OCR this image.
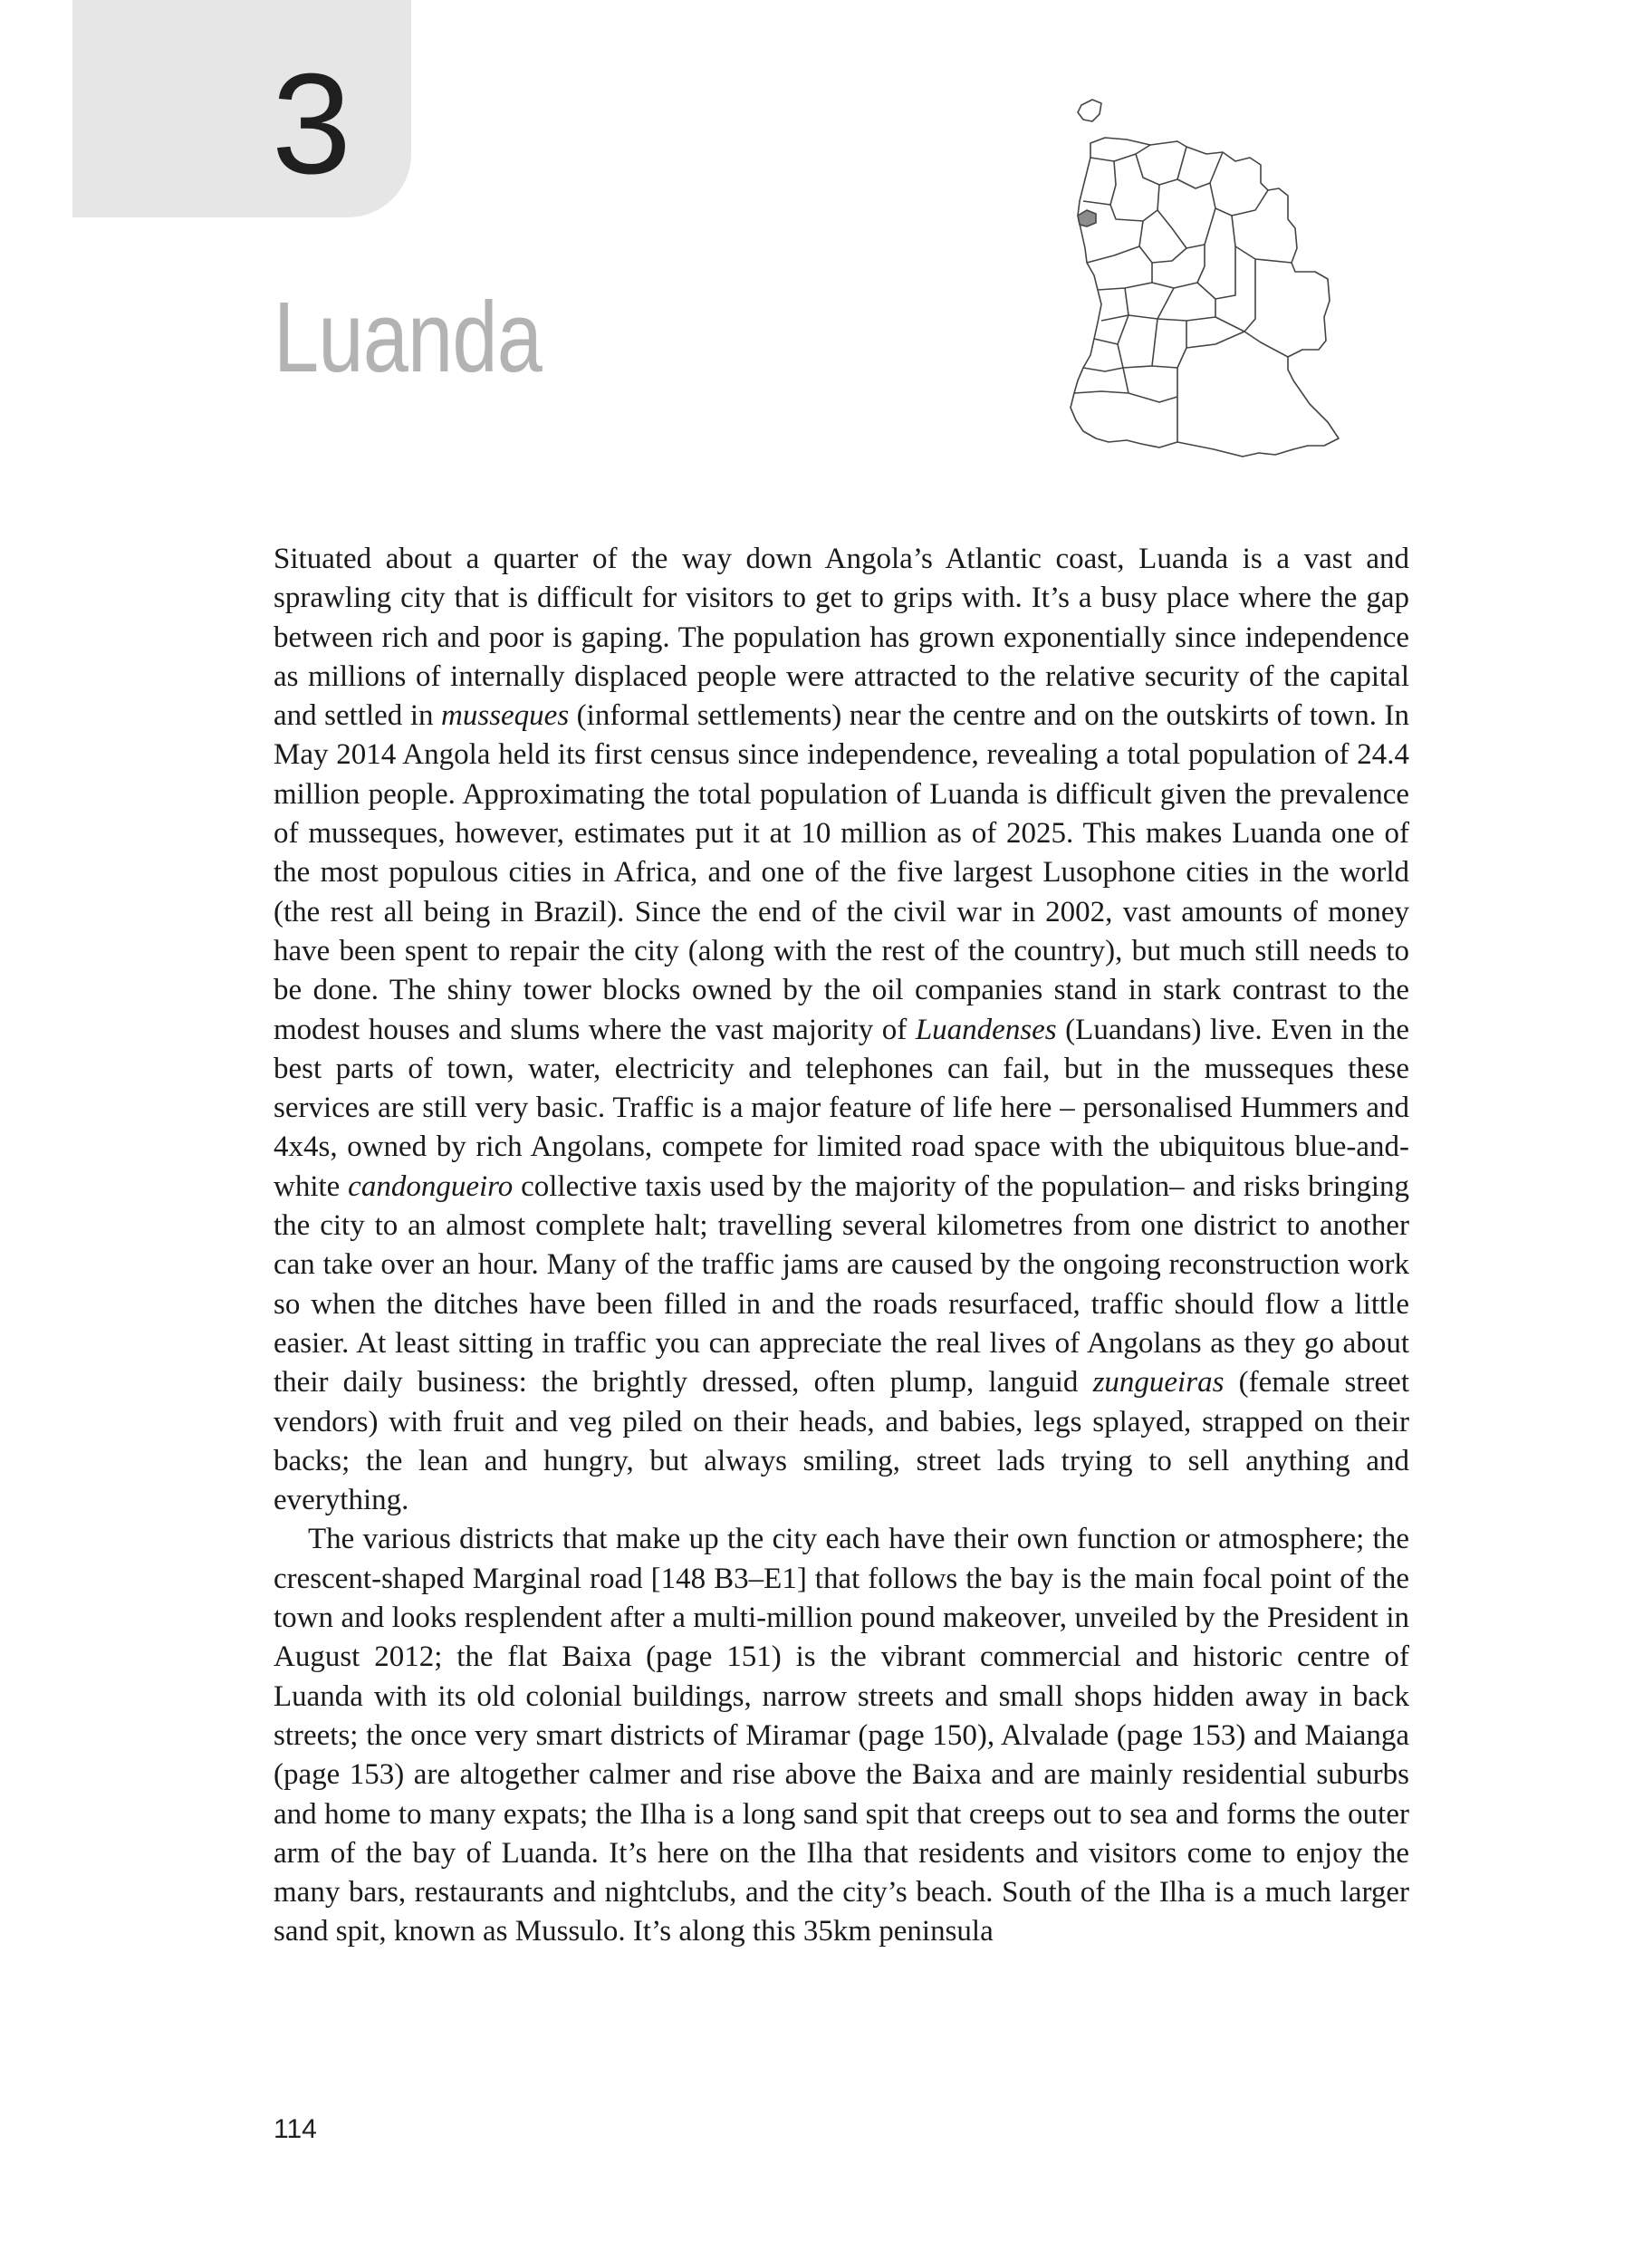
3
Luanda

Situated about a quarter of the way down Angola’s Atlantic coast, Luanda is a vast and sprawling city that is difficult for visitors to get to grips with. It’s a busy place where the gap between rich and poor is gaping. The population has grown exponentially since independence as millions of internally displaced people were attracted to the relative security of the capital and settled in musseques (informal settlements) near the centre and on the outskirts of town. In May 2014 Angola held its first census since independence, revealing a total population of 24.4 million people. Approximating the total population of Luanda is difficult given the prevalence of musseques, however, estimates put it at 10 million as of 2025. This makes Luanda one of the most populous cities in Africa, and one of the five largest Lusophone cities in the world (the rest all being in Brazil). Since the end of the civil war in 2002, vast amounts of money have been spent to repair the city (along with the rest of the country), but much still needs to be done. The shiny tower blocks owned by the oil companies stand in stark contrast to the modest houses and slums where the vast majority of Luandenses (Luandans) live. Even in the best parts of town, water, electricity and telephones can fail, but in the musseques these services are still very basic. Traffic is a major feature of life here – personalised Hummers and 4x4s, owned by rich Angolans, compete for limited road space with the ubiquitous blue-and-white candongueiro collective taxis used by the majority of the population– and risks bringing the city to an almost complete halt; travelling several kilometres from one district to another can take over an hour. Many of the traffic jams are caused by the ongoing reconstruction work so when the ditches have been filled in and the roads resurfaced, traffic should flow a little easier. At least sitting in traffic you can appreciate the real lives of Angolans as they go about their daily business: the brightly dressed, often plump, languid zungueiras (female street vendors) with fruit and veg piled on their heads, and babies, legs splayed, strapped on their backs; the lean and hungry, but always smiling, street lads trying to sell anything and everything.

The various districts that make up the city each have their own function or atmosphere; the crescent-shaped Marginal road [148 B3–E1] that follows the bay is the main focal point of the town and looks resplendent after a multi-million pound makeover, unveiled by the President in August 2012; the flat Baixa (page 151) is the vibrant commercial and historic centre of Luanda with its old colonial buildings, narrow streets and small shops hidden away in back streets; the once very smart districts of Miramar (page 150), Alvalade (page 153) and Maianga (page 153) are altogether calmer and rise above the Baixa and are mainly residential suburbs and home to many expats; the Ilha is a long sand spit that creeps out to sea and forms the outer arm of the bay of Luanda. It’s here on the Ilha that residents and visitors come to enjoy the many bars, restaurants and nightclubs, and the city’s beach. South of the Ilha is a much larger sand spit, known as Mussulo. It’s along this 35km peninsula

114
